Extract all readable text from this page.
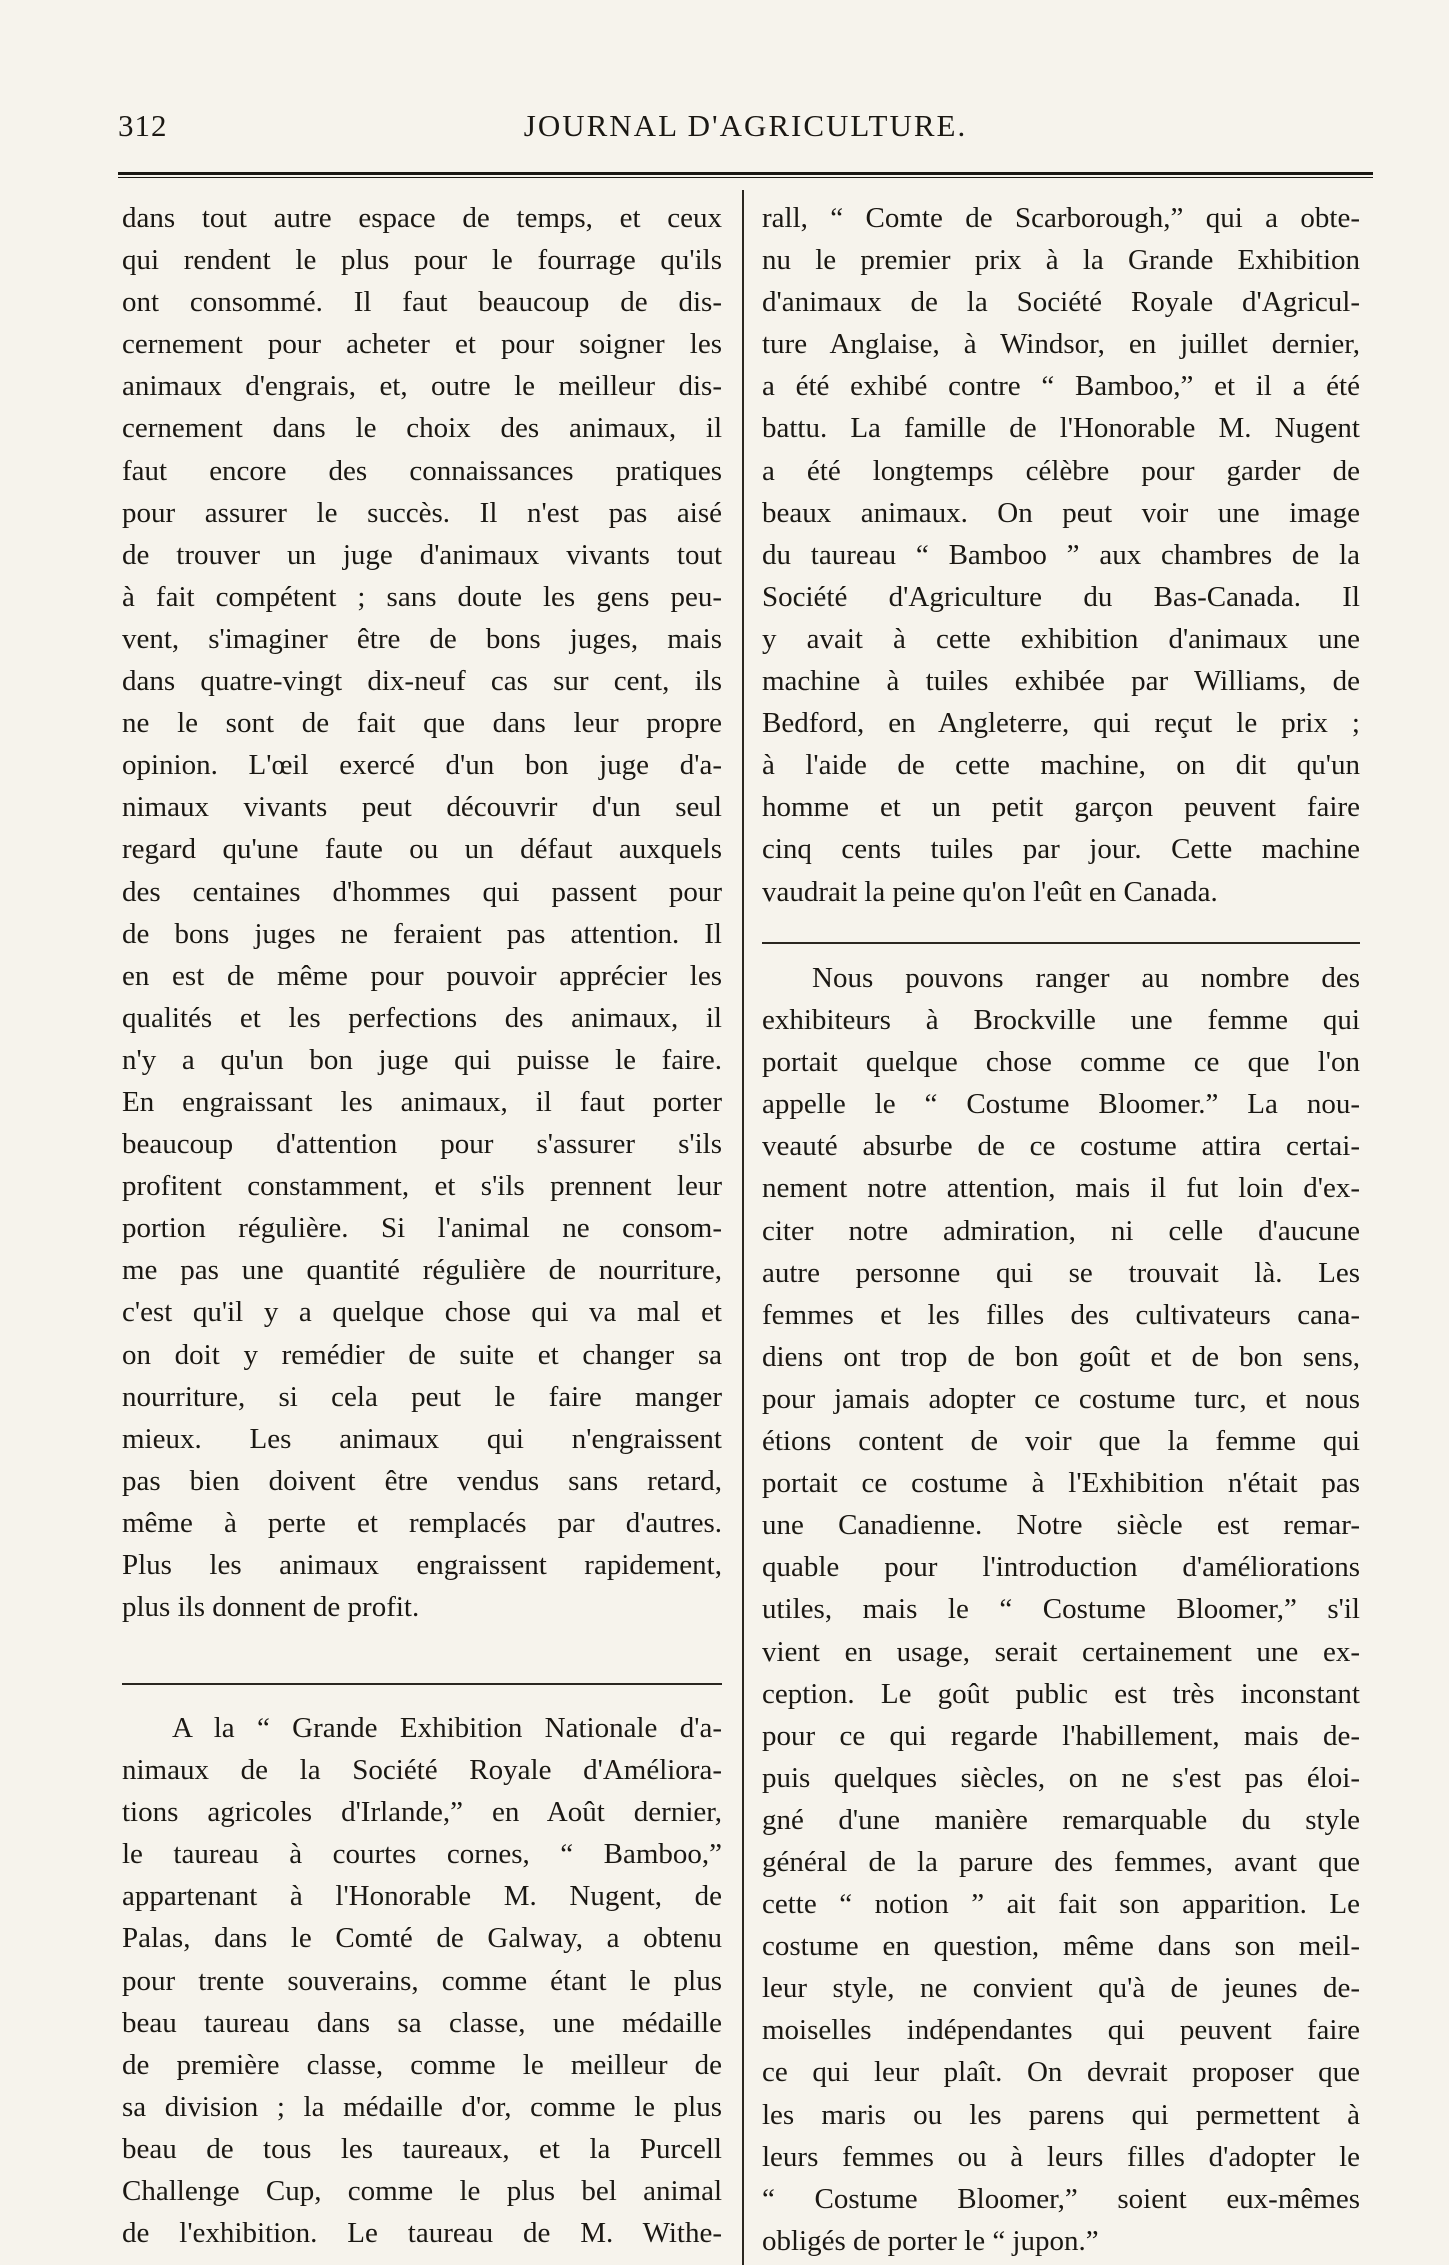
312	JOURNAL D'AGRICULTURE.
dans tout autre espace de temps, et ceux
qui rendent le plus pour le fourrage qu'ils
ont consommé. Il faut beaucoup de dis-
cernement pour acheter et pour soigner les
animaux d'engrais, et, outre le meilleur dis-
cernement dans le choix des animaux, il
faut encore des connaissances pratiques
pour assurer le succès. Il n'est pas aisé
de trouver un juge d'animaux vivants tout
à fait compétent ; sans doute les gens peu-
vent, s'imaginer être de bons juges, mais
dans quatre-vingt dix-neuf cas sur cent, ils
ne le sont de fait que dans leur propre
opinion. L'œil exercé d'un bon juge d'a-
nimaux vivants peut découvrir d'un seul
regard qu'une faute ou un défaut auxquels
des centaines d'hommes qui passent pour
de bons juges ne feraient pas attention. Il
en est de même pour pouvoir apprécier les
qualités et les perfections des animaux, il
n'y a qu'un bon juge qui puisse le faire.
En engraissant les animaux, il faut porter
beaucoup d'attention pour s'assurer s'ils
profitent constamment, et s'ils prennent leur
portion régulière. Si l'animal ne consom-
me pas une quantité régulière de nourriture,
c'est qu'il y a quelque chose qui va mal et
on doit y remédier de suite et changer sa
nourriture, si cela peut le faire manger
mieux. Les animaux qui n'engraissent
pas bien doivent être vendus sans retard,
même à perte et remplacés par d'autres.
Plus les animaux engraissent rapidement,
plus ils donnent de profit.
A la “ Grande Exhibition Nationale d'a-
nimaux de la Société Royale d'Améliora-
tions agricoles d'Irlande,” en Août dernier,
le taureau à courtes cornes, “ Bamboo,”
appartenant à l'Honorable M. Nugent, de
Palas, dans le Comté de Galway, a obtenu
pour trente souverains, comme étant le plus
beau taureau dans sa classe, une médaille
de première classe, comme le meilleur de
sa division ; la médaille d'or, comme le plus
beau de tous les taureaux, et la Purcell
Challenge Cup, comme le plus bel animal
de l'exhibition. Le taureau de M. Withe-
rall, “ Comte de Scarborough,” qui a obte-
nu le premier prix à la Grande Exhibition
d'animaux de la Société Royale d'Agricul-
ture Anglaise, à Windsor, en juillet dernier,
a été exhibé contre “ Bamboo,” et il a été
battu. La famille de l'Honorable M. Nugent
a été longtemps célèbre pour garder de
beaux animaux. On peut voir une image
du taureau “ Bamboo ” aux chambres de la
Société d'Agriculture du Bas-Canada. Il
y avait à cette exhibition d'animaux une
machine à tuiles exhibée par Williams, de
Bedford, en Angleterre, qui reçut le prix ;
à l'aide de cette machine, on dit qu'un
homme et un petit garçon peuvent faire
cinq cents tuiles par jour. Cette machine
vaudrait la peine qu'on l'eût en Canada.
Nous pouvons ranger au nombre des
exhibiteurs à Brockville une femme qui
portait quelque chose comme ce que l'on
appelle le “ Costume Bloomer.” La nou-
veauté absurbe de ce costume attira certai-
nement notre attention, mais il fut loin d'ex-
citer notre admiration, ni celle d'aucune
autre personne qui se trouvait là. Les
femmes et les filles des cultivateurs cana-
diens ont trop de bon goût et de bon sens,
pour jamais adopter ce costume turc, et nous
étions content de voir que la femme qui
portait ce costume à l'Exhibition n'était pas
une Canadienne. Notre siècle est remar-
quable pour l'introduction d'améliorations
utiles, mais le “ Costume Bloomer,” s'il
vient en usage, serait certainement une ex-
ception. Le goût public est très inconstant
pour ce qui regarde l'habillement, mais de-
puis quelques siècles, on ne s'est pas éloi-
gné d'une manière remarquable du style
général de la parure des femmes, avant que
cette “ notion ” ait fait son apparition. Le
costume en question, même dans son meil-
leur style, ne convient qu'à de jeunes de-
moiselles indépendantes qui peuvent faire
ce qui leur plaît. On devrait proposer que
les maris ou les parens qui permettent à
leurs femmes ou à leurs filles d'adopter le
“ Costume Bloomer,” soient eux-mêmes
obligés de porter le “ jupon.”
